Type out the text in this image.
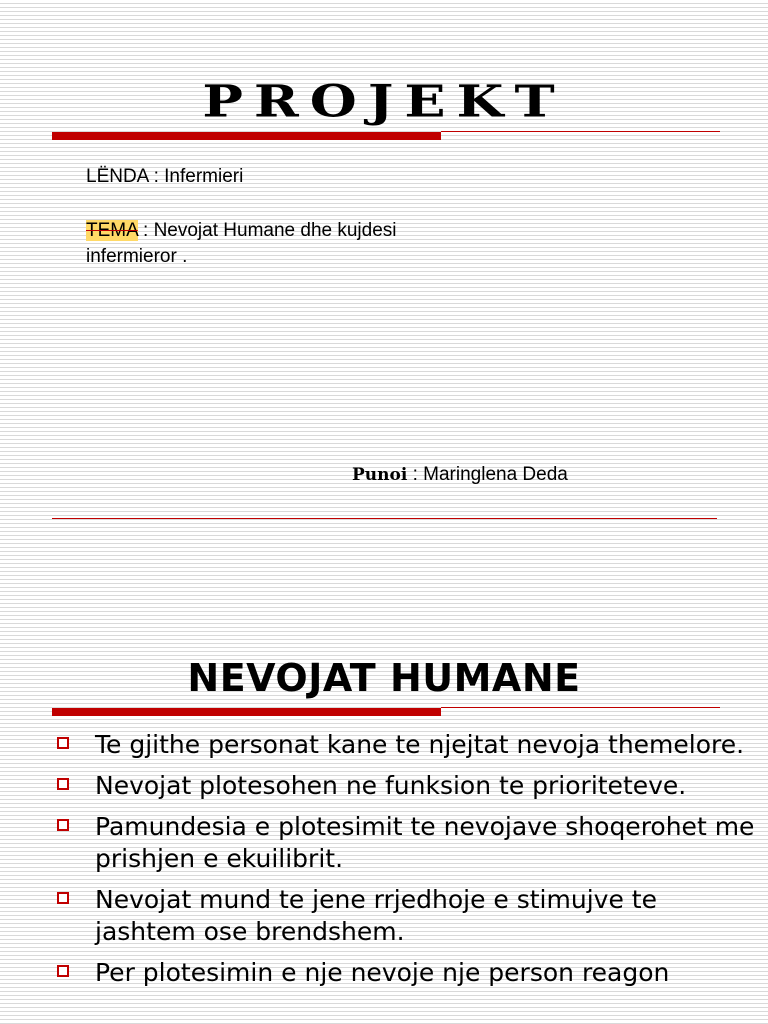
PROJEKT
LËNDA : Infermieri
TEMA : Nevojat Humane dhe kujdesi
infermieror .
Punoi : Maringlena Deda
NEVOJAT HUMANE
Te gjithe personat kane te njejtat nevoja themelore.
Nevojat plotesohen ne funksion te prioriteteve.
Pamundesia e plotesimit te nevojave shoqerohet me prishjen e ekuilibrit.
Nevojat mund te jene rrjedhoje e stimujve te jashtem ose brendshem.
Per plotesimin e nje nevoje nje person reagon
